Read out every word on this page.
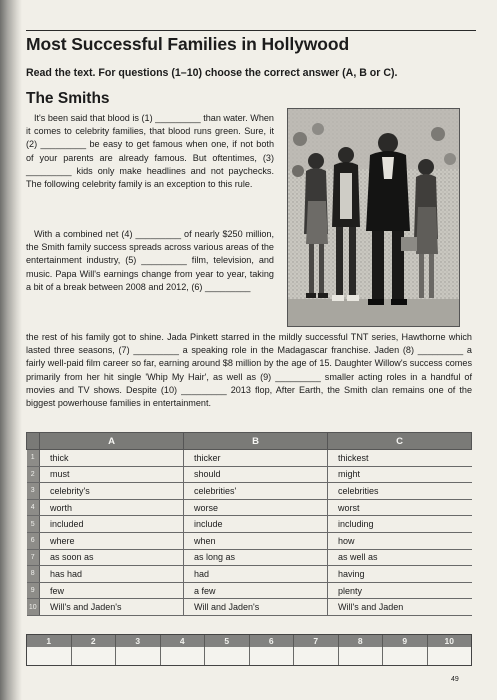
Most Successful Families in Hollywood
Read the text. For questions (1–10) choose the correct answer (A, B or C).
The Smiths

It's been said that blood is (1) _________ than water. When it comes to celebrity families, that blood runs green. Sure, it (2) _________ be easy to get famous when one, if not both of your parents are already famous. But oftentimes, (3) _________ kids only make headlines and not paychecks. The following celebrity family is an exception to this rule.

With a combined net (4) _________ of nearly $250 million, the Smith family success spreads across various areas of the entertainment industry, (5) _________ film, television, and music. Papa Will's earnings change from year to year, taking a bit of a break between 2008 and 2012, (6) _________

the rest of his family got to shine. Jada Pinkett starred in the mildly successful TNT series, Hawthorne which lasted three seasons, (7) _________ a speaking role in the Madagascar franchise. Jaden (8) _________ a fairly well-paid film career so far, earning around $8 million by the age of 15. Daughter Willow's success comes primarily from her hit single 'Whip My Hair', as well as (9) _________ smaller acting roles in a handful of movies and TV shows. Despite (10) _________ 2013 flop, After Earth, the Smith clan remains one of the biggest powerhouse families in entertainment.

	A	B	C
1	thick	thicker	thickest
2	must	should	might
3	celebrity's	celebrities'	celebrities
4	worth	worse	worst
5	included	include	including
6	where	when	how
7	as soon as	as long as	as well as
8	has had	had	having
9	few	a few	plenty
10	Will's and Jaden's	Will and Jaden's	Will's and Jaden
1	2	3	4	5	6	7	8	9	10
49
